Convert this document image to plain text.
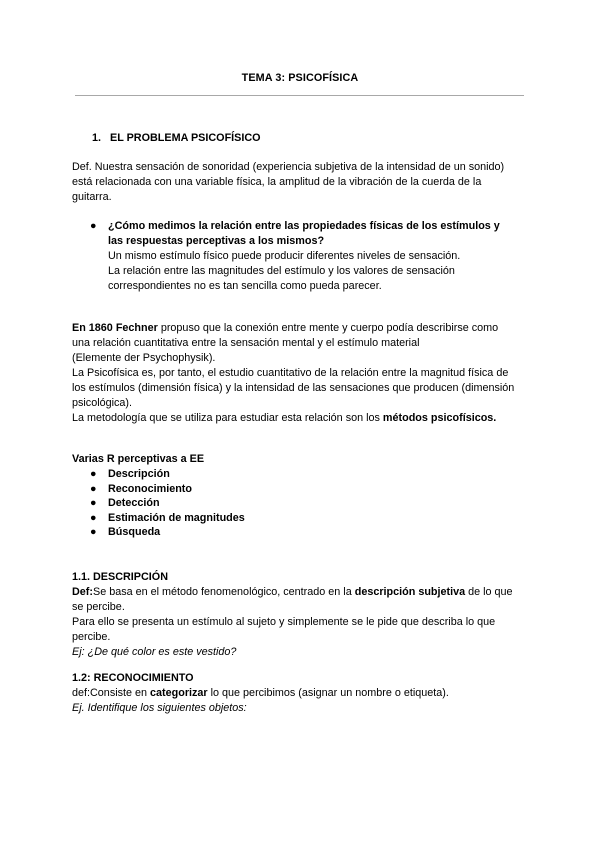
TEMA 3: PSICOFÍSICA
1. EL PROBLEMA PSICOFÍSICO

Def. Nuestra sensación de sonoridad (experiencia subjetiva de la intensidad de un sonido)

está relacionada con una variable física, la amplitud de la vibración de la cuerda de la

guitarra.

● ¿Cómo medimos la relación entre las propiedades físicas de los estímulos y

las respuestas perceptivas a los mismos?

Un mismo estímulo físico puede producir diferentes niveles de sensación.

La relación entre las magnitudes del estímulo y los valores de sensación

correspondientes no es tan sencilla como pueda parecer.

En 1860 Fechner propuso que la conexión entre mente y cuerpo podía describirse como

una relación cuantitativa entre la sensación mental y el estímulo material

(Elemente der Psychophysik).

La Psicofísica es, por tanto, el estudio cuantitativo de la relación entre la magnitud física de

los estímulos (dimensión física) y la intensidad de las sensaciones que producen (dimensión

psicológica).

La metodología que se utiliza para estudiar esta relación son los métodos psicofísicos.

Varias R perceptivas a EE
● Descripción
● Reconocimiento
● Detección
● Estimación de magnitudes
● Búsqueda

1.1. DESCRIPCIÓN

Def:Se basa en el método fenomenológico, centrado en la descripción subjetiva de lo que

se percibe.

Para ello se presenta un estímulo al sujeto y simplemente se le pide que describa lo que

percibe.

Ej: ¿De qué color es este vestido?

1.2: RECONOCIMIENTO

def:Consiste en categorizar lo que percibimos (asignar un nombre o etiqueta).

Ej. Identifique los siguientes objetos:
